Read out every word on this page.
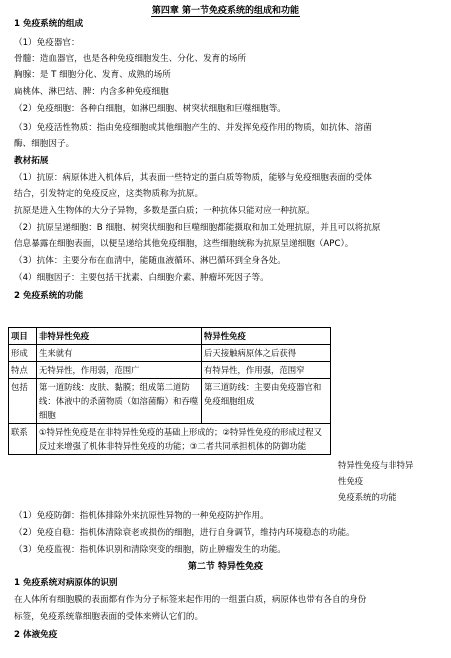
第四章 第一节免疫系统的组成和功能
1 免疫系统的组成
（1）免疫器官：
骨髓：造血器官，也是各种免疫细胞发生、分化、发育的场所
胸腺：是 T 细胞分化、发育、成熟的场所
扁桃体、淋巴结、脾：内含多种免疫细胞
（2）免疫细胞：各种白细胞，如淋巴细胞、树突状细胞和巨噬细胞等。
（3）免疫活性物质：指由免疫细胞或其他细胞产生的、并发挥免疫作用的物质，如抗体、溶菌
酶、细胞因子。
教材拓展
（1）抗原：病原体进入机体后，其表面一些特定的蛋白质等物质，能够与免疫细胞表面的受体
结合，引发特定的免疫反应，这类物质称为抗原。
抗原是进入生物体的大分子异物，多数是蛋白质；一种抗体只能对应一种抗原。
（2）抗原呈递细胞：B 细胞、树突状细胞和巨噬细胞都能摄取和加工处理抗原，并且可以将抗原
信息暴露在细胞表面，以便呈递给其他免疫细胞，这些细胞统称为抗原呈递细胞（APC）。
（3）抗体：主要分布在血清中，能随血液循环、淋巴循环到全身各处。
（4）细胞因子：主要包括干扰素、白细胞介素、肿瘤坏死因子等。
2 免疫系统的功能
项目	非特异性免疫	特异性免疫
形成	生来就有	后天接触病原体之后获得
特点	无特异性，作用弱，范围广	有特异性，作用强，范围窄
包括	第一道防线：皮肤、黏膜；组成第二道防线：体液中的杀菌物质（如溶菌酶）和吞噬细胞	第三道防线：主要由免疫器官和免疫细胞组成
联系	①特异性免疫是在非特异性免疫的基础上形成的；②特异性免疫的形成过程又反过来增强了机体非特异性免疫的功能；③二者共同承担机体的防御功能	
特异性免疫与非特异
性免疫
免疫系统的功能
（1）免疫防御：指机体排除外来抗原性异物的一种免疫防护作用。
（2）免疫自稳：指机体清除衰老或损伤的细胞，进行自身调节，维持内环境稳态的功能。
（3）免疫监视：指机体识别和清除突变的细胞，防止肿瘤发生的功能。
第二节 特异性免疫
1 免疫系统对病原体的识别
在人体所有细胞膜的表面都有作为分子标签来起作用的一组蛋白质，病原体也带有各自的身份
标签，免疫系统靠细胞表面的受体来辨认它们的。
2 体液免疫
